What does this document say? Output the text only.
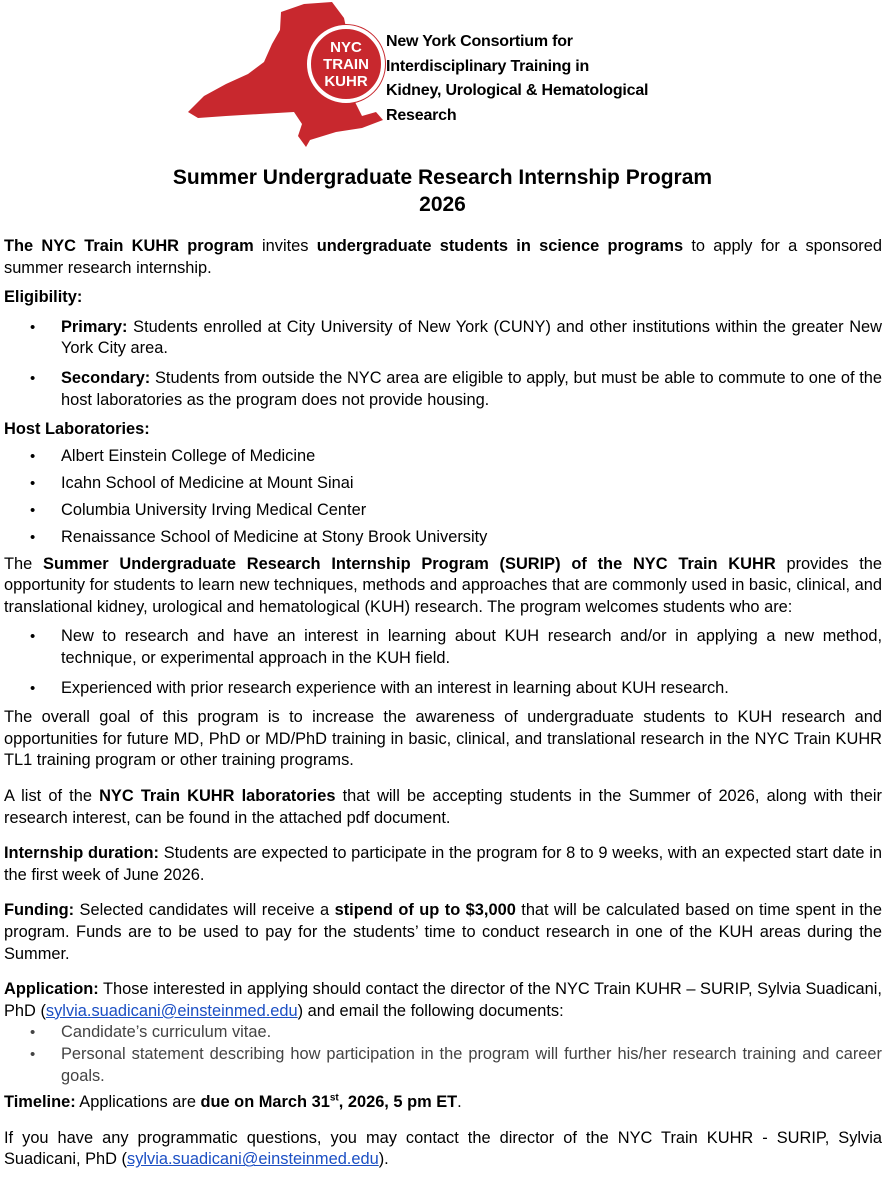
NYC
TRAIN
KUHR
New York Consortium for
Interdisciplinary Training in
Kidney, Urological & Hematological
Research
Summer Undergraduate Research Internship Program
2026

The NYC Train KUHR program invites undergraduate students in science programs to apply for a sponsored summer research internship.

Eligibility:

• Primary: Students enrolled at City University of New York (CUNY) and other institutions within the greater New York City area.
• Secondary: Students from outside the NYC area are eligible to apply, but must be able to commute to one of the host laboratories as the program does not provide housing.

Host Laboratories:

• Albert Einstein College of Medicine
• Icahn School of Medicine at Mount Sinai
• Columbia University Irving Medical Center
• Renaissance School of Medicine at Stony Brook University

The Summer Undergraduate Research Internship Program (SURIP) of the NYC Train KUHR provides the opportunity for students to learn new techniques, methods and approaches that are commonly used in basic, clinical, and translational kidney, urological and hematological (KUH) research. The program welcomes students who are:

• New to research and have an interest in learning about KUH research and/or in applying a new method, technique, or experimental approach in the KUH field.
• Experienced with prior research experience with an interest in learning about KUH research.

The overall goal of this program is to increase the awareness of undergraduate students to KUH research and opportunities for future MD, PhD or MD/PhD training in basic, clinical, and translational research in the NYC Train KUHR TL1 training program or other training programs.

A list of the NYC Train KUHR laboratories that will be accepting students in the Summer of 2026, along with their research interest, can be found in the attached pdf document.

Internship duration: Students are expected to participate in the program for 8 to 9 weeks, with an expected start date in the first week of June 2026.

Funding: Selected candidates will receive a stipend of up to $3,000 that will be calculated based on time spent in the program. Funds are to be used to pay for the students’ time to conduct research in one of the KUH areas during the Summer.

Application: Those interested in applying should contact the director of the NYC Train KUHR – SURIP, Sylvia Suadicani, PhD (sylvia.suadicani@einsteinmed.edu) and email the following documents:

• Candidate’s curriculum vitae.
• Personal statement describing how participation in the program will further his/her research training and career goals.

Timeline: Applications are due on March 31st, 2026, 5 pm ET.

If you have any programmatic questions, you may contact the director of the NYC Train KUHR - SURIP, Sylvia Suadicani, PhD (sylvia.suadicani@einsteinmed.edu).
